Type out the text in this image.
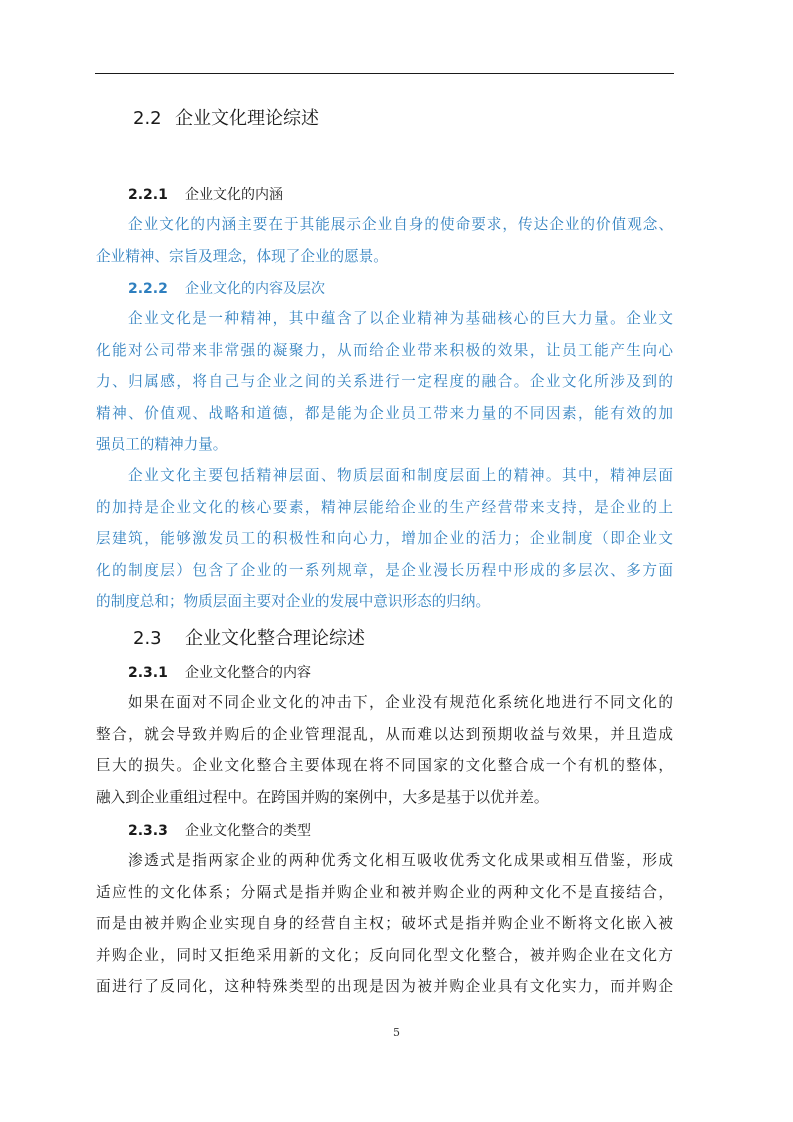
2.2 企业文化理论综述
2.2.1 企业文化的内涵
企业文化的内涵主要在于其能展示企业自身的使命要求，传达企业的价值观念、
企业精神、宗旨及理念，体现了企业的愿景。
2.2.2 企业文化的内容及层次
企业文化是一种精神，其中蕴含了以企业精神为基础核心的巨大力量。企业文
化能对公司带来非常强的凝聚力，从而给企业带来积极的效果，让员工能产生向心
力、归属感，将自己与企业之间的关系进行一定程度的融合。企业文化所涉及到的
精神、价值观、战略和道德，都是能为企业员工带来力量的不同因素，能有效的加
强员工的精神力量。
企业文化主要包括精神层面、物质层面和制度层面上的精神。其中，精神层面
的加持是企业文化的核心要素，精神层能给企业的生产经营带来支持，是企业的上
层建筑，能够激发员工的积极性和向心力，增加企业的活力；企业制度（即企业文
化的制度层）包含了企业的一系列规章，是企业漫长历程中形成的多层次、多方面
的制度总和；物质层面主要对企业的发展中意识形态的归纳。
2.3 企业文化整合理论综述
2.3.1 企业文化整合的内容
如果在面对不同企业文化的冲击下，企业没有规范化系统化地进行不同文化的
整合，就会导致并购后的企业管理混乱，从而难以达到预期收益与效果，并且造成
巨大的损失。企业文化整合主要体现在将不同国家的文化整合成一个有机的整体，
融入到企业重组过程中。在跨国并购的案例中，大多是基于以优并差。
2.3.3 企业文化整合的类型
渗透式是指两家企业的两种优秀文化相互吸收优秀文化成果或相互借鉴，形成
适应性的文化体系；分隔式是指并购企业和被并购企业的两种文化不是直接结合，
而是由被并购企业实现自身的经营自主权；破坏式是指并购企业不断将文化嵌入被
并购企业，同时又拒绝采用新的文化；反向同化型文化整合，被并购企业在文化方
面进行了反同化，这种特殊类型的出现是因为被并购企业具有文化实力，而并购企
5
